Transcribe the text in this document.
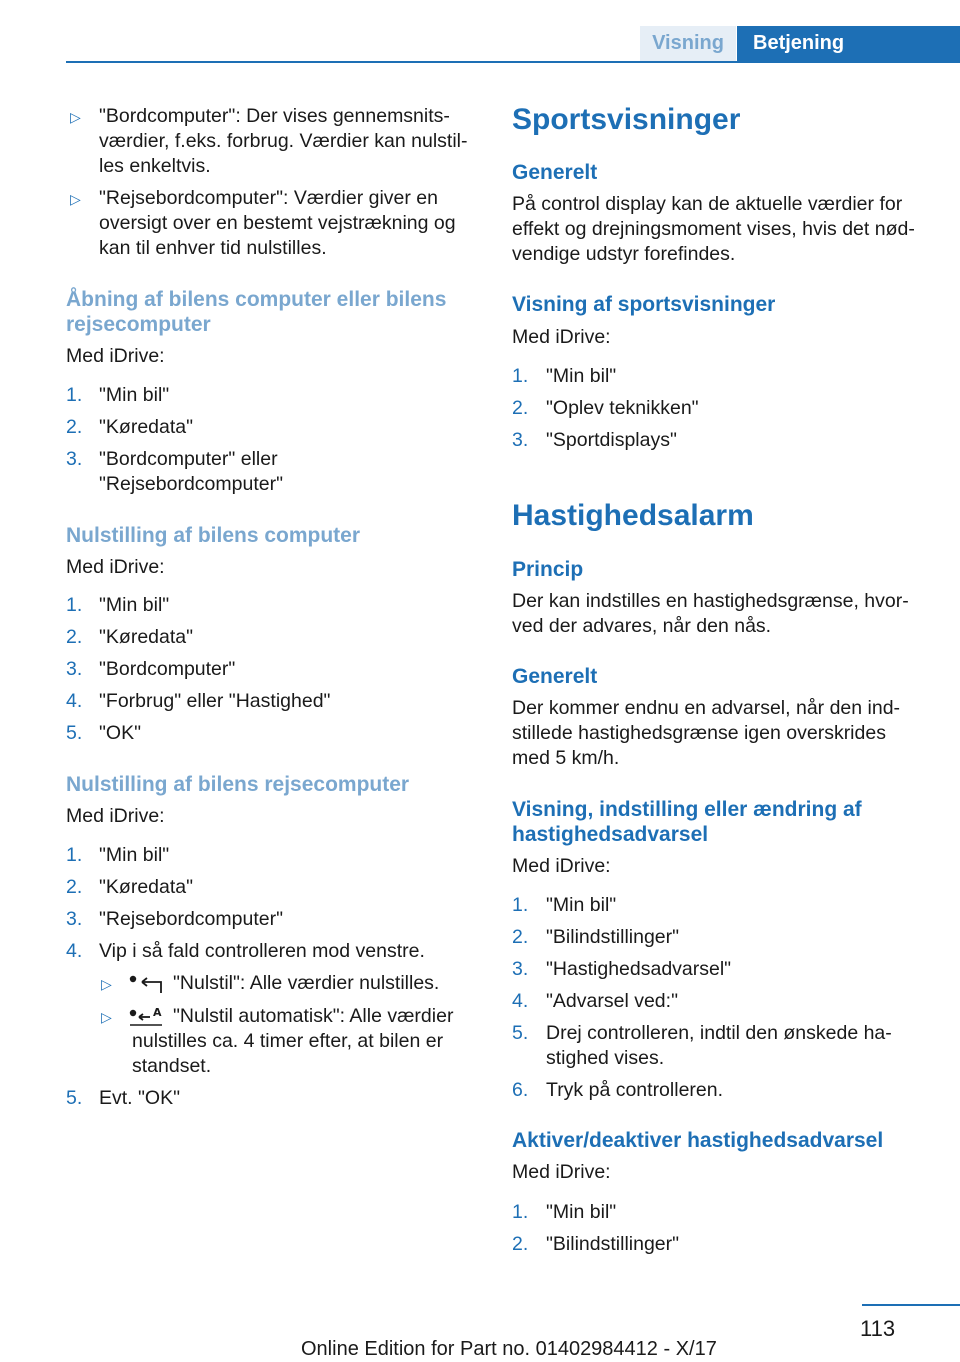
Visning	Betjening
▷ "Bordcomputer": Der vises gennemsnits-
værdier, f.eks. forbrug. Værdier kan nulstil-
les enkeltvis.
▷ "Rejsebordcomputer": Værdier giver en
oversigt over en bestemt vejstrækning og
kan til enhver tid nulstilles.
Åbning af bilens computer eller bilens
rejsecomputer
Med iDrive:
1. "Min bil"
2. "Køredata"
3. "Bordcomputer" eller
"Rejsebordcomputer"
Nulstilling af bilens computer
Med iDrive:
1. "Min bil"
2. "Køredata"
3. "Bordcomputer"
4. "Forbrug" eller "Hastighed"
5. "OK"
Nulstilling af bilens rejsecomputer
Med iDrive:
1. "Min bil"
2. "Køredata"
3. "Rejsebordcomputer"
4. Vip i så fald controlleren mod venstre.
▷	"Nulstil": Alle værdier nulstilles.
▷	A "Nulstil automatisk": Alle værdier
nulstilles ca. 4 timer efter, at bilen er
standset.
5. Evt. "OK"
Sportsvisninger
Generelt
På control display kan de aktuelle værdier for
effekt og drejningsmoment vises, hvis det nød-
vendige udstyr forefindes.
Visning af sportsvisninger
Med iDrive:
1. "Min bil"
2. "Oplev teknikken"
3. "Sportdisplays"
Hastighedsalarm
Princip
Der kan indstilles en hastighedsgrænse, hvor-
ved der advares, når den nås.
Generelt
Der kommer endnu en advarsel, når den ind-
stillede hastighedsgrænse igen overskrides
med 5 km/h.
Visning, indstilling eller ændring af
hastighedsadvarsel
Med iDrive:
1. "Min bil"
2. "Bilindstillinger"
3. "Hastighedsadvarsel"
4. "Advarsel ved:"
5. Drej controlleren, indtil den ønskede ha-
stighed vises.
6. Tryk på controlleren.
Aktiver/deaktiver hastighedsadvarsel
Med iDrive:
1. "Min bil"
2. "Bilindstillinger"
113
Online Edition for Part no. 01402984412 - X/17
